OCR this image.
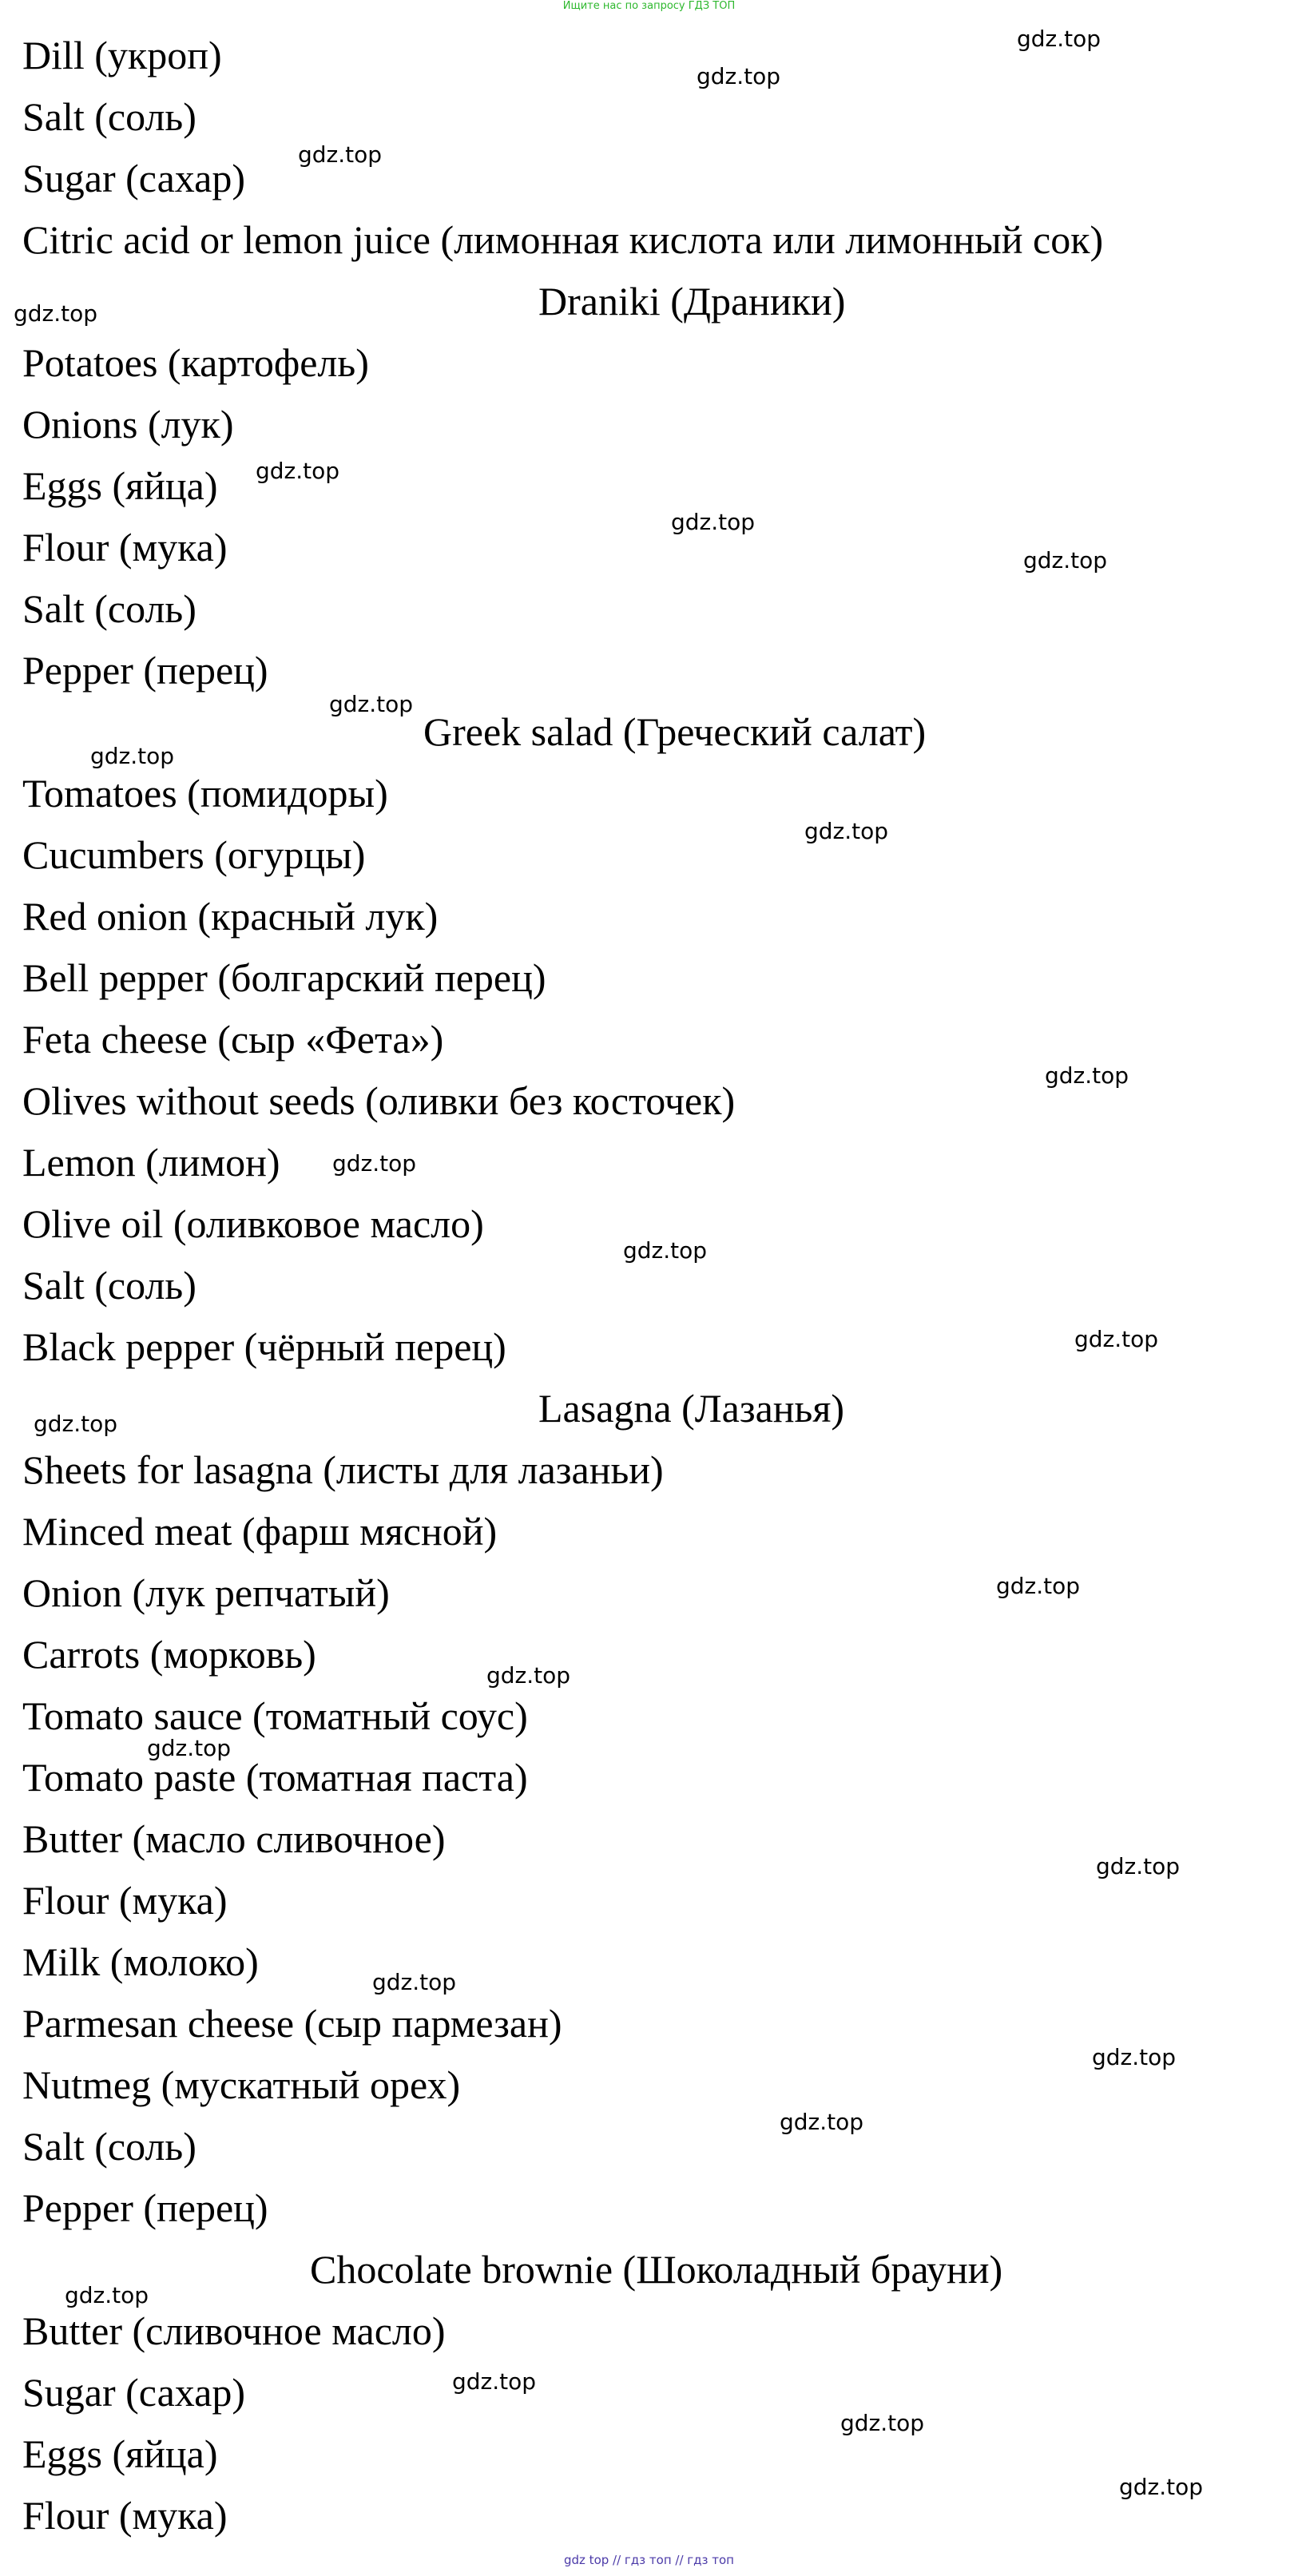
Ищите нас по запросу ГДЗ ТОП
Dill (укроп)
Salt (соль)
Sugar (сахар)
Citric acid or lemon juice (лимонная кислота или лимонный сок)
Draniki (Драники)
Potatoes (картофель)
Onions (лук)
Eggs (яйца)
Flour (мука)
Salt (соль)
Pepper (перец)
Greek salad (Греческий салат)
Tomatoes (помидоры)
Cucumbers (огурцы)
Red onion (красный лук)
Bell pepper (болгарский перец)
Feta cheese (сыр «Фета»)
Olives without seeds (оливки без косточек)
Lemon (лимон)
Olive oil (оливковое масло)
Salt (соль)
Black pepper (чёрный перец)
Lasagna (Лазанья)
Sheets for lasagna (листы для лазаньи)
Minced meat (фарш мясной)
Onion (лук репчатый)
Carrots (морковь)
Tomato sauce (томатный соус)
Tomato paste (томатная паста)
Butter (масло сливочное)
Flour (мука)
Milk (молоко)
Parmesan cheese (сыр пармезан)
Nutmeg (мускатный орех)
Salt (соль)
Pepper (перец)
Chocolate brownie (Шоколадный брауни)
Butter (сливочное масло)
Sugar (сахар)
Eggs (яйца)
Flour (мука)
gdz.top
gdz.top
gdz.top
gdz.top
gdz.top
gdz.top
gdz.top
gdz.top
gdz.top
gdz.top
gdz.top
gdz.top
gdz.top
gdz.top
gdz.top
gdz.top
gdz.top
gdz.top
gdz.top
gdz.top
gdz.top
gdz.top
gdz.top
gdz.top
gdz.top
gdz.top
gdz top // гдз топ // гдз топ
